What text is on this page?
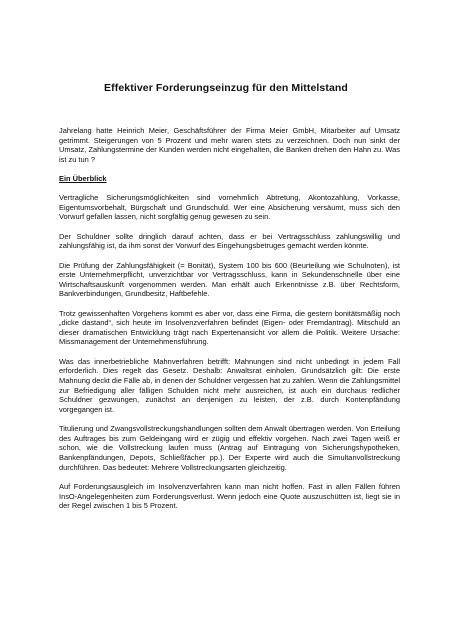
Effektiver Forderungseinzug für den Mittelstand

Jahrelang hatte Heinrich Meier, Geschäftsführer der Firma Meier GmbH, Mitarbeiter auf Umsatz getrimmt. Steigerungen von 5 Prozent und mehr waren stets zu verzeichnen. Doch nun sinkt der Umsatz, Zahlungstermine der Kunden werden nicht eingehalten, die Banken drehen den Hahn zu. Was ist zu tun ?

Ein Überblick

Vertragliche Sicherungsmöglichkeiten sind vornehmlich Abtretung, Akontozahlung, Vorkasse, Eigentumsvorbehalt, Bürgschaft und Grundschuld. Wer eine Absicherung versäumt, muss sich den Vorwurf gefallen lassen, nicht sorgfältig genug gewesen zu sein.

Der Schuldner sollte dringlich darauf achten, dass er bei Vertragsschluss zahlungswillig und zahlungsfähig ist, da ihm sonst der Vorwurf des Eingehungsbetruges gemacht werden könnte.

Die Prüfung der Zahlungsfähigkeit (= Bonität), System 100 bis 600 (Beurteilung wie Schulnoten), ist erste Unternehmerpflicht, unverzichtbar vor Vertragsschluss, kann in Sekundenschnelle über eine Wirtschaftsauskunft vorgenommen werden. Man erhält auch Erkenntnisse z.B. über Rechtsform, Bankverbindungen, Grundbesitz, Haftbefehle.

Trotz gewissenhaften Vorgehens kommt es aber vor, dass eine Firma, die gestern bonitätsmäßig noch „dicke dastand“, sich heute im Insolvenzverfahren befindet (Eigen- oder Fremdantrag). Mitschuld an dieser dramatischen Entwicklung trägt nach Expertenansicht vor allem die Politik. Weitere Ursache: Missmanagement der Unternehmensführung.

Was das innerbetriebliche Mahnverfahren betrifft: Mahnungen sind nicht unbedingt in jedem Fall erforderlich. Dies regelt das Gesetz. Deshalb: Anwaltsrat einholen. Grundsätzlich gilt: Die erste Mahnung deckt die Fälle ab, in denen der Schuldner vergessen hat zu zahlen. Wenn die Zahlungsmittel zur Befriedigung aller fälligen Schulden nicht mehr ausreichen, ist auch ein durchaus redlicher Schuldner gezwungen, zunächst an denjenigen zu leisten, der z.B. durch Kontenpfändung vorgegangen ist.

Titulierung und Zwangsvollstreckungshandlungen sollten dem Anwalt übertragen werden. Von Erteilung des Auftrages bis zum Geldeingang wird er zügig und effektiv vorgehen. Nach zwei Tagen weiß er schon, wie die Vollstreckung laufen muss (Antrag auf Eintragung von Sicherungshypotheken, Bankenpfändungen, Depots, Schließfächer pp.). Der Experte wird auch die Simultanvollstreckung durchführen. Das bedeutet: Mehrere Vollstreckungsarten gleichzeitig.

Auf Forderungsausgleich im Insolvenzverfahren kann man nicht hoffen. Fast in allen Fällen führen InsO-Angelegenheiten zum Forderungsverlust. Wenn jedoch eine Quote auszuschütten ist, liegt sie in der Regel zwischen 1 bis 5 Prozent.
